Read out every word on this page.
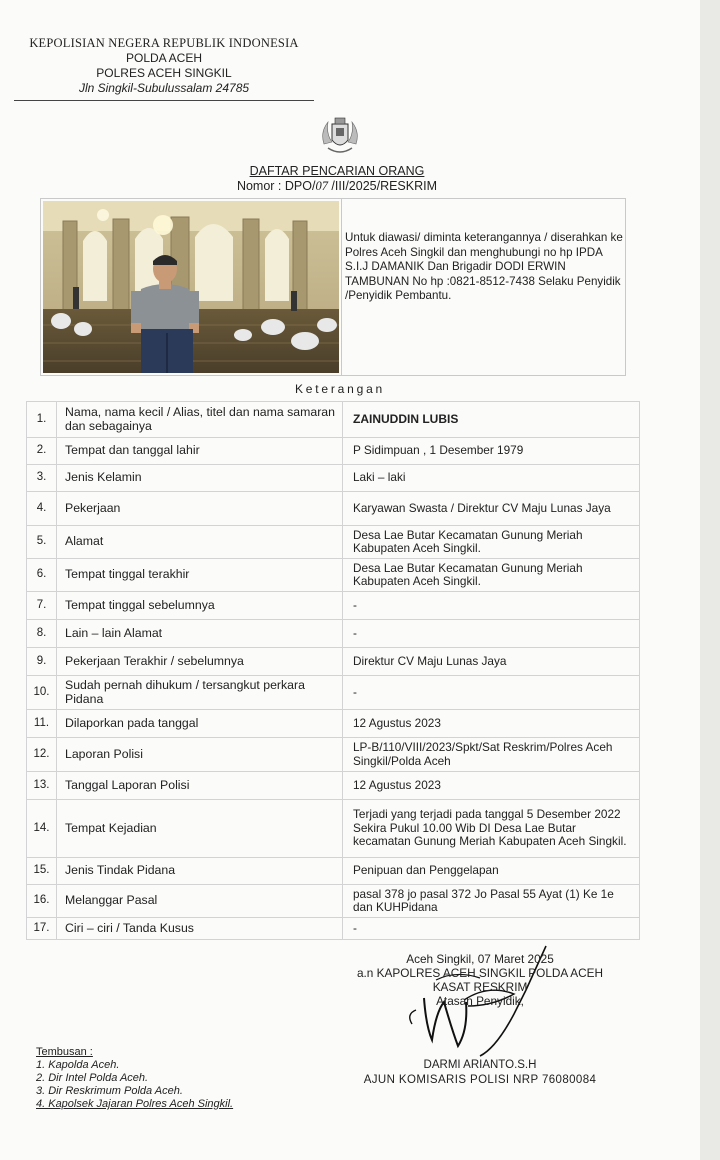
KEPOLISIAN NEGERA REPUBLIK INDONESIA
POLDA ACEH
POLRES ACEH SINGKIL
Jln Singkil-Subulussalam 24785
DAFTAR PENCARIAN ORANG
Nomor : DPO/07 /III/2025/RESKRIM
Untuk diawasi/ diminta keterangannya / diserahkan ke Polres Aceh Singkil dan menghubungi no hp IPDA S.I.J DAMANIK Dan Brigadir DODI ERWIN TAMBUNAN No hp :0821-8512-7438 Selaku Penyidik /Penyidik Pembantu.
Keterangan
1.	Nama, nama kecil / Alias, titel dan nama samaran dan sebagainya	ZAINUDDIN LUBIS
2.	Tempat dan tanggal lahir	P Sidimpuan , 1 Desember 1979
3.	Jenis Kelamin	Laki – laki
4.	Pekerjaan	Karyawan Swasta / Direktur CV Maju Lunas Jaya
5.	Alamat	Desa Lae Butar Kecamatan Gunung Meriah Kabupaten Aceh Singkil.
6.	Tempat tinggal terakhir	Desa Lae Butar Kecamatan Gunung Meriah Kabupaten Aceh Singkil.
7.	Tempat tinggal sebelumnya	-
8.	Lain – lain Alamat	-
9.	Pekerjaan Terakhir / sebelumnya	Direktur CV Maju Lunas Jaya
10.	Sudah pernah dihukum / tersangkut perkara Pidana	-
11.	Dilaporkan pada tanggal	12 Agustus 2023
12.	Laporan Polisi	LP-B/110/VIII/2023/Spkt/Sat Reskrim/Polres Aceh Singkil/Polda Aceh
13.	Tanggal Laporan Polisi	12 Agustus 2023
14.	Tempat Kejadian	Terjadi yang terjadi pada tanggal 5 Desember 2022 Sekira Pukul 10.00 Wib DI Desa Lae Butar kecamatan Gunung Meriah Kabupaten Aceh Singkil.
15.	Jenis Tindak Pidana	Penipuan dan Penggelapan
16.	Melanggar Pasal	pasal 378 jo pasal 372 Jo Pasal 55 Ayat (1) Ke 1e dan KUHPidana
17.	Ciri – ciri / Tanda Kusus	-
Aceh Singkil, 07 Maret 2025
a.n KAPOLRES ACEH SINGKIL POLDA ACEH
KASAT RESKRIM
Atasan Penyidik,
DARMI ARIANTO.S.H
AJUN KOMISARIS POLISI NRP 76080084
Tembusan :
1. Kapolda Aceh.
2. Dir Intel Polda Aceh.
3. Dir Reskrimum Polda Aceh.
4. Kapolsek Jajaran Polres Aceh Singkil.
